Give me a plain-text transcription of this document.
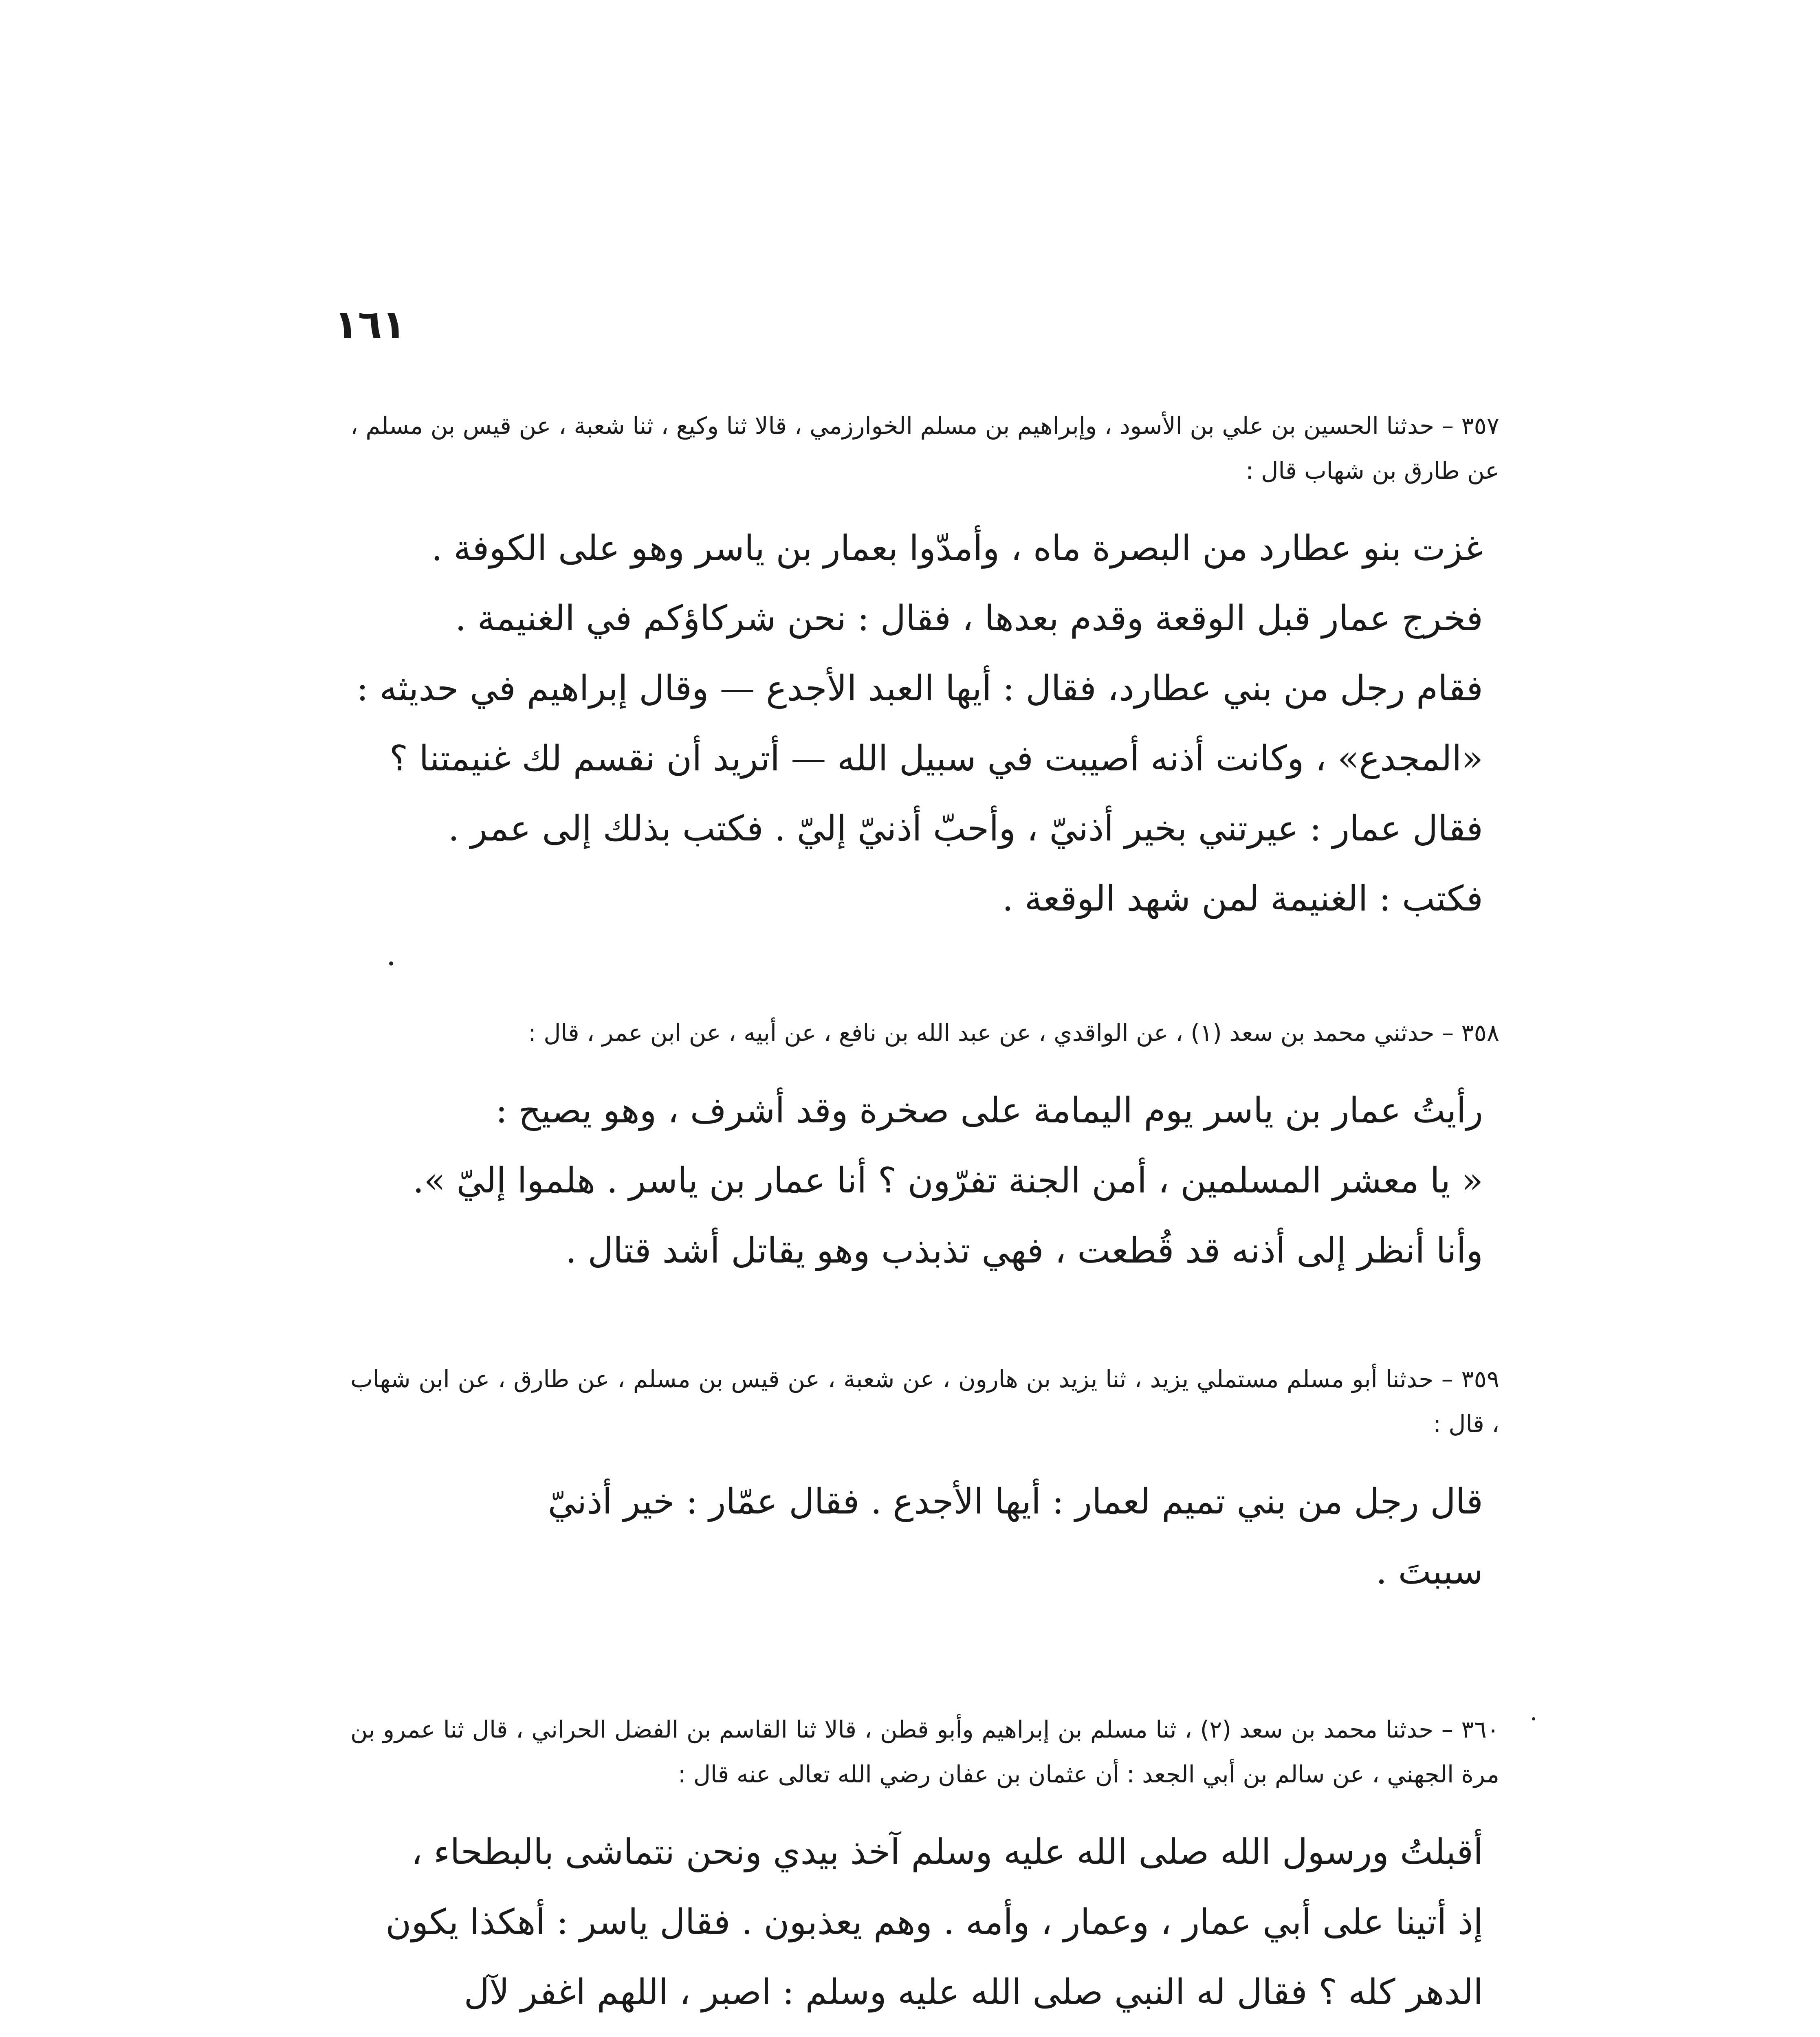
١٦١
٣٥٧ – حدثنا الحسين بن علي بن الأسود ، وإبراهيم بن مسلم الخوارزمي ، قالا ثنا وكيع ، ثنا شعبة ، عن قيس بن مسلم ، عن طارق بن شهاب قال :
غزت بنو عطارد من البصرة ماه ، وأمدّوا بعمار بن ياسر وهو على الكوفة .
فخرج عمار قبل الوقعة وقدم بعدها ، فقال : نحن شركاؤكم في الغنيمة .
فقام رجل من بني عطارد، فقال : أيها العبد الأجدع — وقال إبراهيم في حديثه :
«المجدع» ، وكانت أذنه أصيبت في سبيل الله — أتريد أن نقسم لك غنيمتنا ؟
فقال عمار : عيرتني بخير أذنيّ ، وأحبّ أذنيّ إليّ . فكتب بذلك إلى عمر .
فكتب : الغنيمة لمن شهد الوقعة .
٣٥٨ – حدثني محمد بن سعد (١) ، عن الواقدي ، عن عبد الله بن نافع ، عن أبيه ، عن ابن عمر ، قال :
رأيتُ عمار بن ياسر يوم اليمامة على صخرة وقد أشرف ، وهو يصيح :
« يا معشر المسلمين ، أمن الجنة تفرّون ؟ أنا عمار بن ياسر . هلموا إليّ ».
وأنا أنظر إلى أذنه قد قُطعت ، فهي تذبذب وهو يقاتل أشد قتال .
٣٥٩ – حدثنا أبو مسلم مستملي يزيد ، ثنا يزيد بن هارون ، عن شعبة ، عن قيس بن مسلم ، عن طارق ، عن ابن شهاب ، قال :
قال رجل من بني تميم لعمار : أيها الأجدع . فقال عمّار : خير أذنيّ
سببتَ .
٣٦٠ – حدثنا محمد بن سعد (٢) ، ثنا مسلم بن إبراهيم وأبو قطن ، قالا ثنا القاسم بن الفضل الحراني ، قال ثنا عمرو بن مرة الجهني ، عن سالم بن أبي الجعد : أن عثمان بن عفان رضي الله تعالى عنه قال :
أقبلتُ ورسول الله صلى الله عليه وسلم آخذ بيدي ونحن نتماشى بالبطحاء ،
إذ أتينا على أبي عمار ، وعمار ، وأمه . وهم يعذبون . فقال ياسر : أهكذا يكون
الدهر كله ؟ فقال له النبي صلى الله عليه وسلم : اصبر ، اللهم اغفر لآل
